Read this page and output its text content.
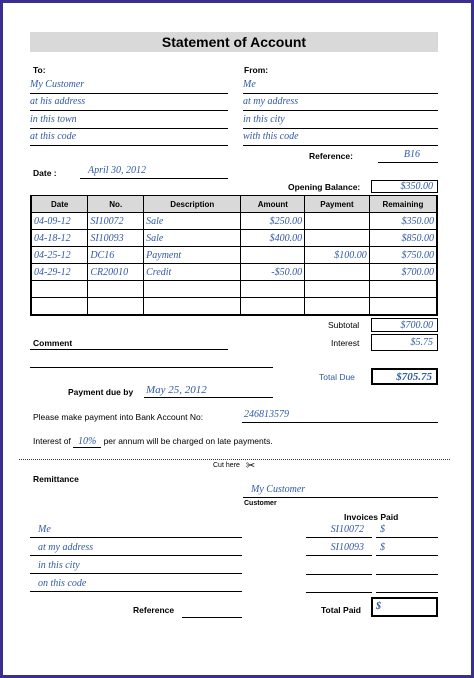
Statement of Account
To:	From:
My Customer
at his address
in this town
at this code
Me
at my address
in this city
with this code
Reference:	B16
Date :	April 30, 2012
Opening Balance:	$350.00
Date	No.	Description	Amount	Payment	Remaining
04-09-12	SI10072	Sale	$250.00		$350.00
04-18-12	SI10093	Sale	$400.00		$850.00
04-25-12	DC16	Payment		$100.00	$750.00
04-29-12	CR20010	Credit	-$50.00		$700.00

Subtotal	$700.00
Comment	Interest	$5.75
Total Due	$705.75
Payment due by May 25, 2012
Please make payment into Bank Account No:	246813579
Interest of 10% per annum will be charged on late payments.
Cut here ✂
Remittance
My Customer
Customer
Invoices Paid
Me
at my address
in this city
on this code
SI10072	$
SI10093	$
Reference	Total Paid	$
